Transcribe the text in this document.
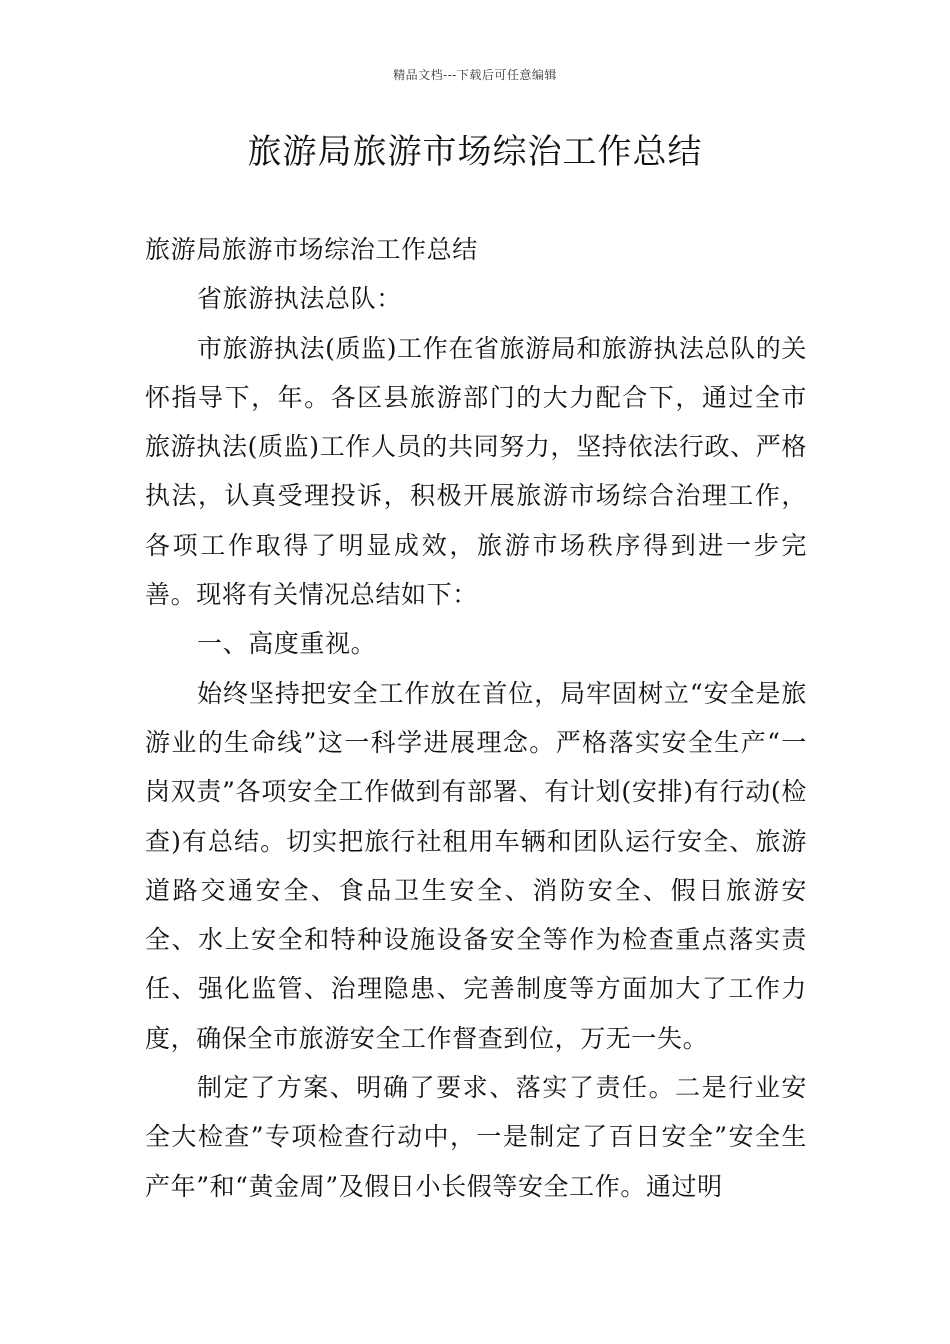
精品文档---下载后可任意编辑
旅游局旅游市场综治工作总结

旅游局旅游市场综治工作总结

省旅游执法总队：

市旅游执法(质监)工作在省旅游局和旅游执法总队的关怀指导下，年。各区县旅游部门的大力配合下，通过全市旅游执法(质监)工作人员的共同努力，坚持依法行政、严格执法，认真受理投诉，积极开展旅游市场综合治理工作，各项工作取得了明显成效，旅游市场秩序得到进一步完善。现将有关情况总结如下：

一、高度重视。

始终坚持把安全工作放在首位，局牢固树立“安全是旅游业的生命线”这一科学进展理念。严格落实安全生产“一岗双责”各项安全工作做到有部署、有计划(安排)有行动(检查)有总结。切实把旅行社租用车辆和团队运行安全、旅游道路交通安全、食品卫生安全、消防安全、假日旅游安全、水上安全和特种设施设备安全等作为检查重点落实责任、强化监管、治理隐患、完善制度等方面加大了工作力度，确保全市旅游安全工作督查到位，万无一失。

制定了方案、明确了要求、落实了责任。二是行业安全大检查”专项检查行动中，一是制定了百日安全”安全生产年”和“黄金周”及假日小长假等安全工作。通过明
